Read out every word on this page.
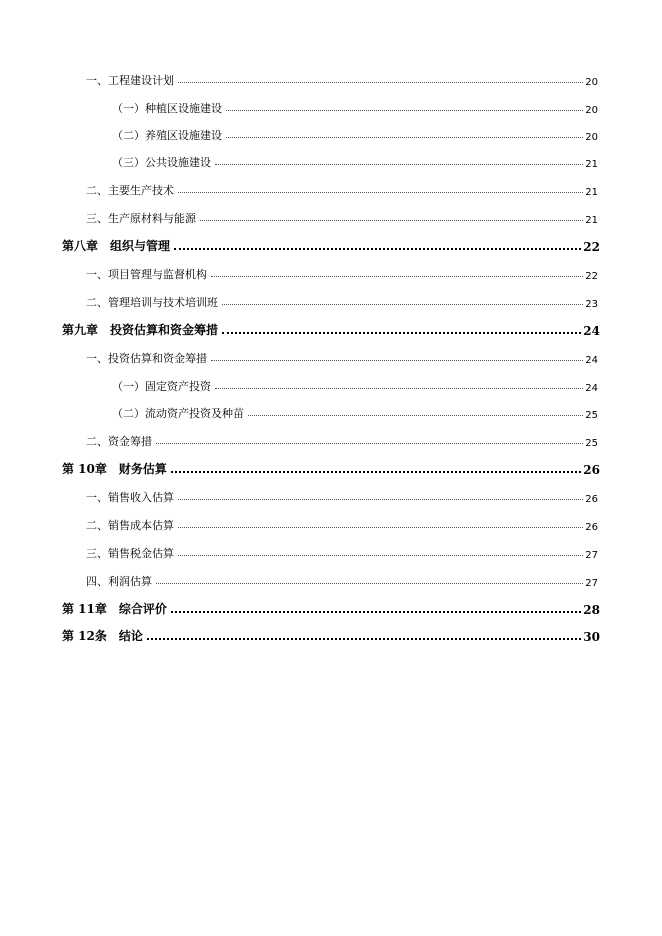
一、工程建设计划	20
（一）种植区设施建设	20
（二）养殖区设施建设	20
（三）公共设施建设	21
二、主要生产技术	21
三、生产原材料与能源	21
第八章　组织与管理	22
一、项目管理与监督机构	22
二、管理培训与技术培训班	23
第九章　投资估算和资金筹措	24
一、投资估算和资金筹措	24
（一）固定资产投资	24
（二）流动资产投资及种苗	25
二、资金筹措	25
第 10章　财务估算	26
一、销售收入估算	26
二、销售成本估算	26
三、销售税金估算	27
四、利润估算	27
第 11章　综合评价	28
第 12条　结论	30
